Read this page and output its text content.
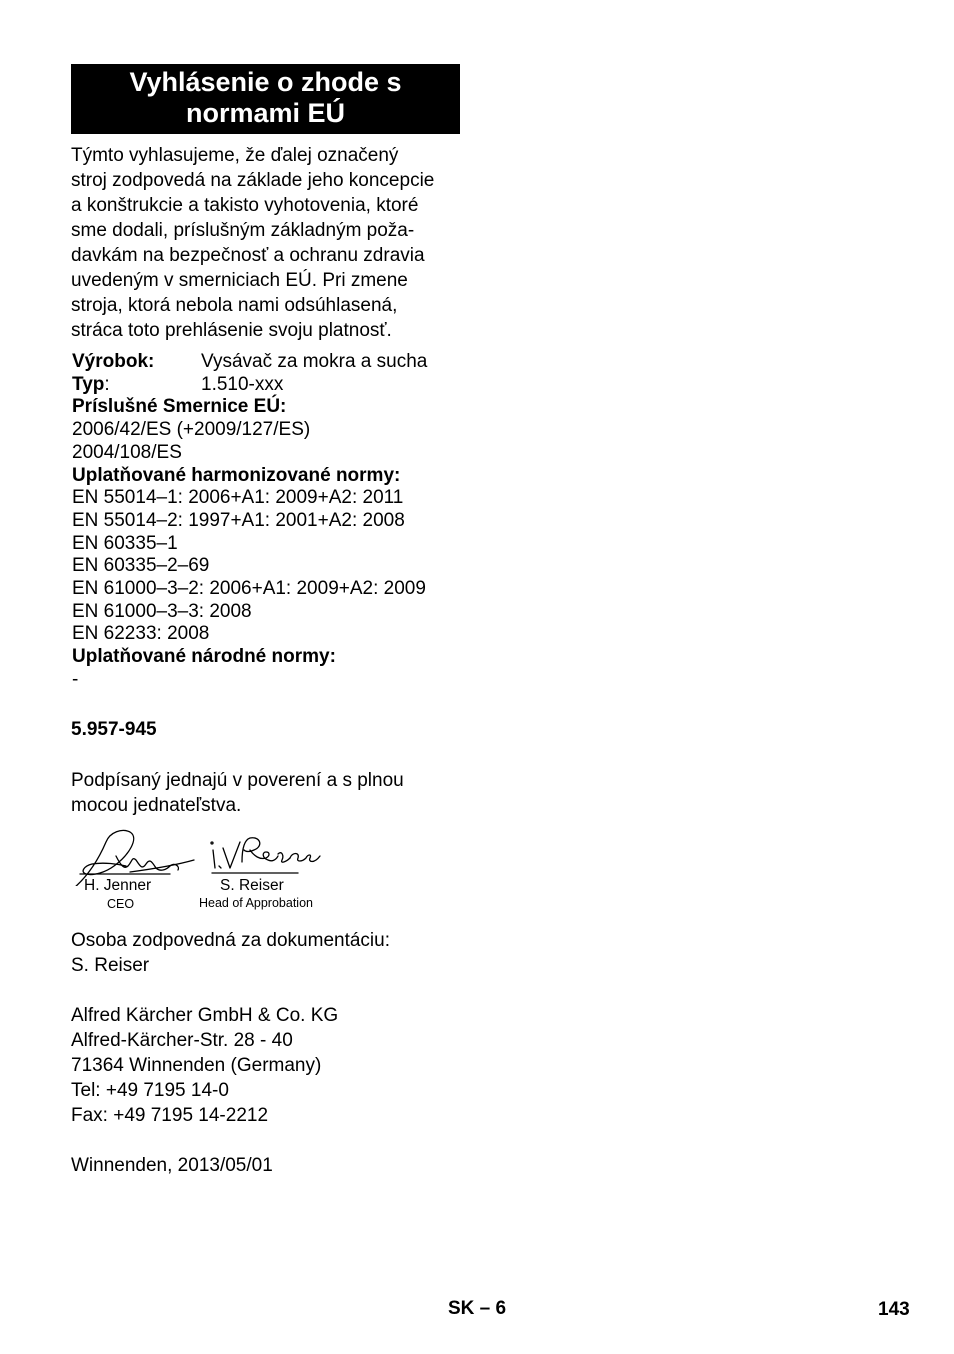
Vyhlásenie o zhode s
normami EÚ
Týmto vyhlasujeme, že ďalej označený
stroj zodpovedá na základe jeho koncepcie
a konštrukcie a takisto vyhotovenia, ktoré
sme dodali, príslušným základným poža-
davkám na bezpečnosť a ochranu zdravia
uvedeným v smerniciach EÚ. Pri zmene
stroja, ktorá nebola nami odsúhlasená,
stráca toto prehlásenie svoju platnosť.
Výrobok: Vysávač za mokra a sucha
Typ:	1.510-xxx
Príslušné Smernice EÚ:
2006/42/ES (+2009/127/ES)
2004/108/ES
Uplatňované harmonizované normy:
EN 55014–1: 2006+A1: 2009+A2: 2011
EN 55014–2: 1997+A1: 2001+A2: 2008
EN 60335–1
EN 60335–2–69
EN 61000–3–2: 2006+A1: 2009+A2: 2009
EN 61000–3–3: 2008
EN 62233: 2008
Uplatňované národné normy:
-
5.957-945
Podpísaný jednajú v poverení a s plnou
mocou jednateľstva.
H. Jenner
CEO
S. Reiser
Head of Approbation
Osoba zodpovedná za dokumentáciu:
S. Reiser
Alfred Kärcher GmbH & Co. KG
Alfred-Kärcher-Str. 28 - 40
71364 Winnenden (Germany)
Tel: +49 7195 14-0
Fax: +49 7195 14-2212
Winnenden, 2013/05/01
SK – 6	143
